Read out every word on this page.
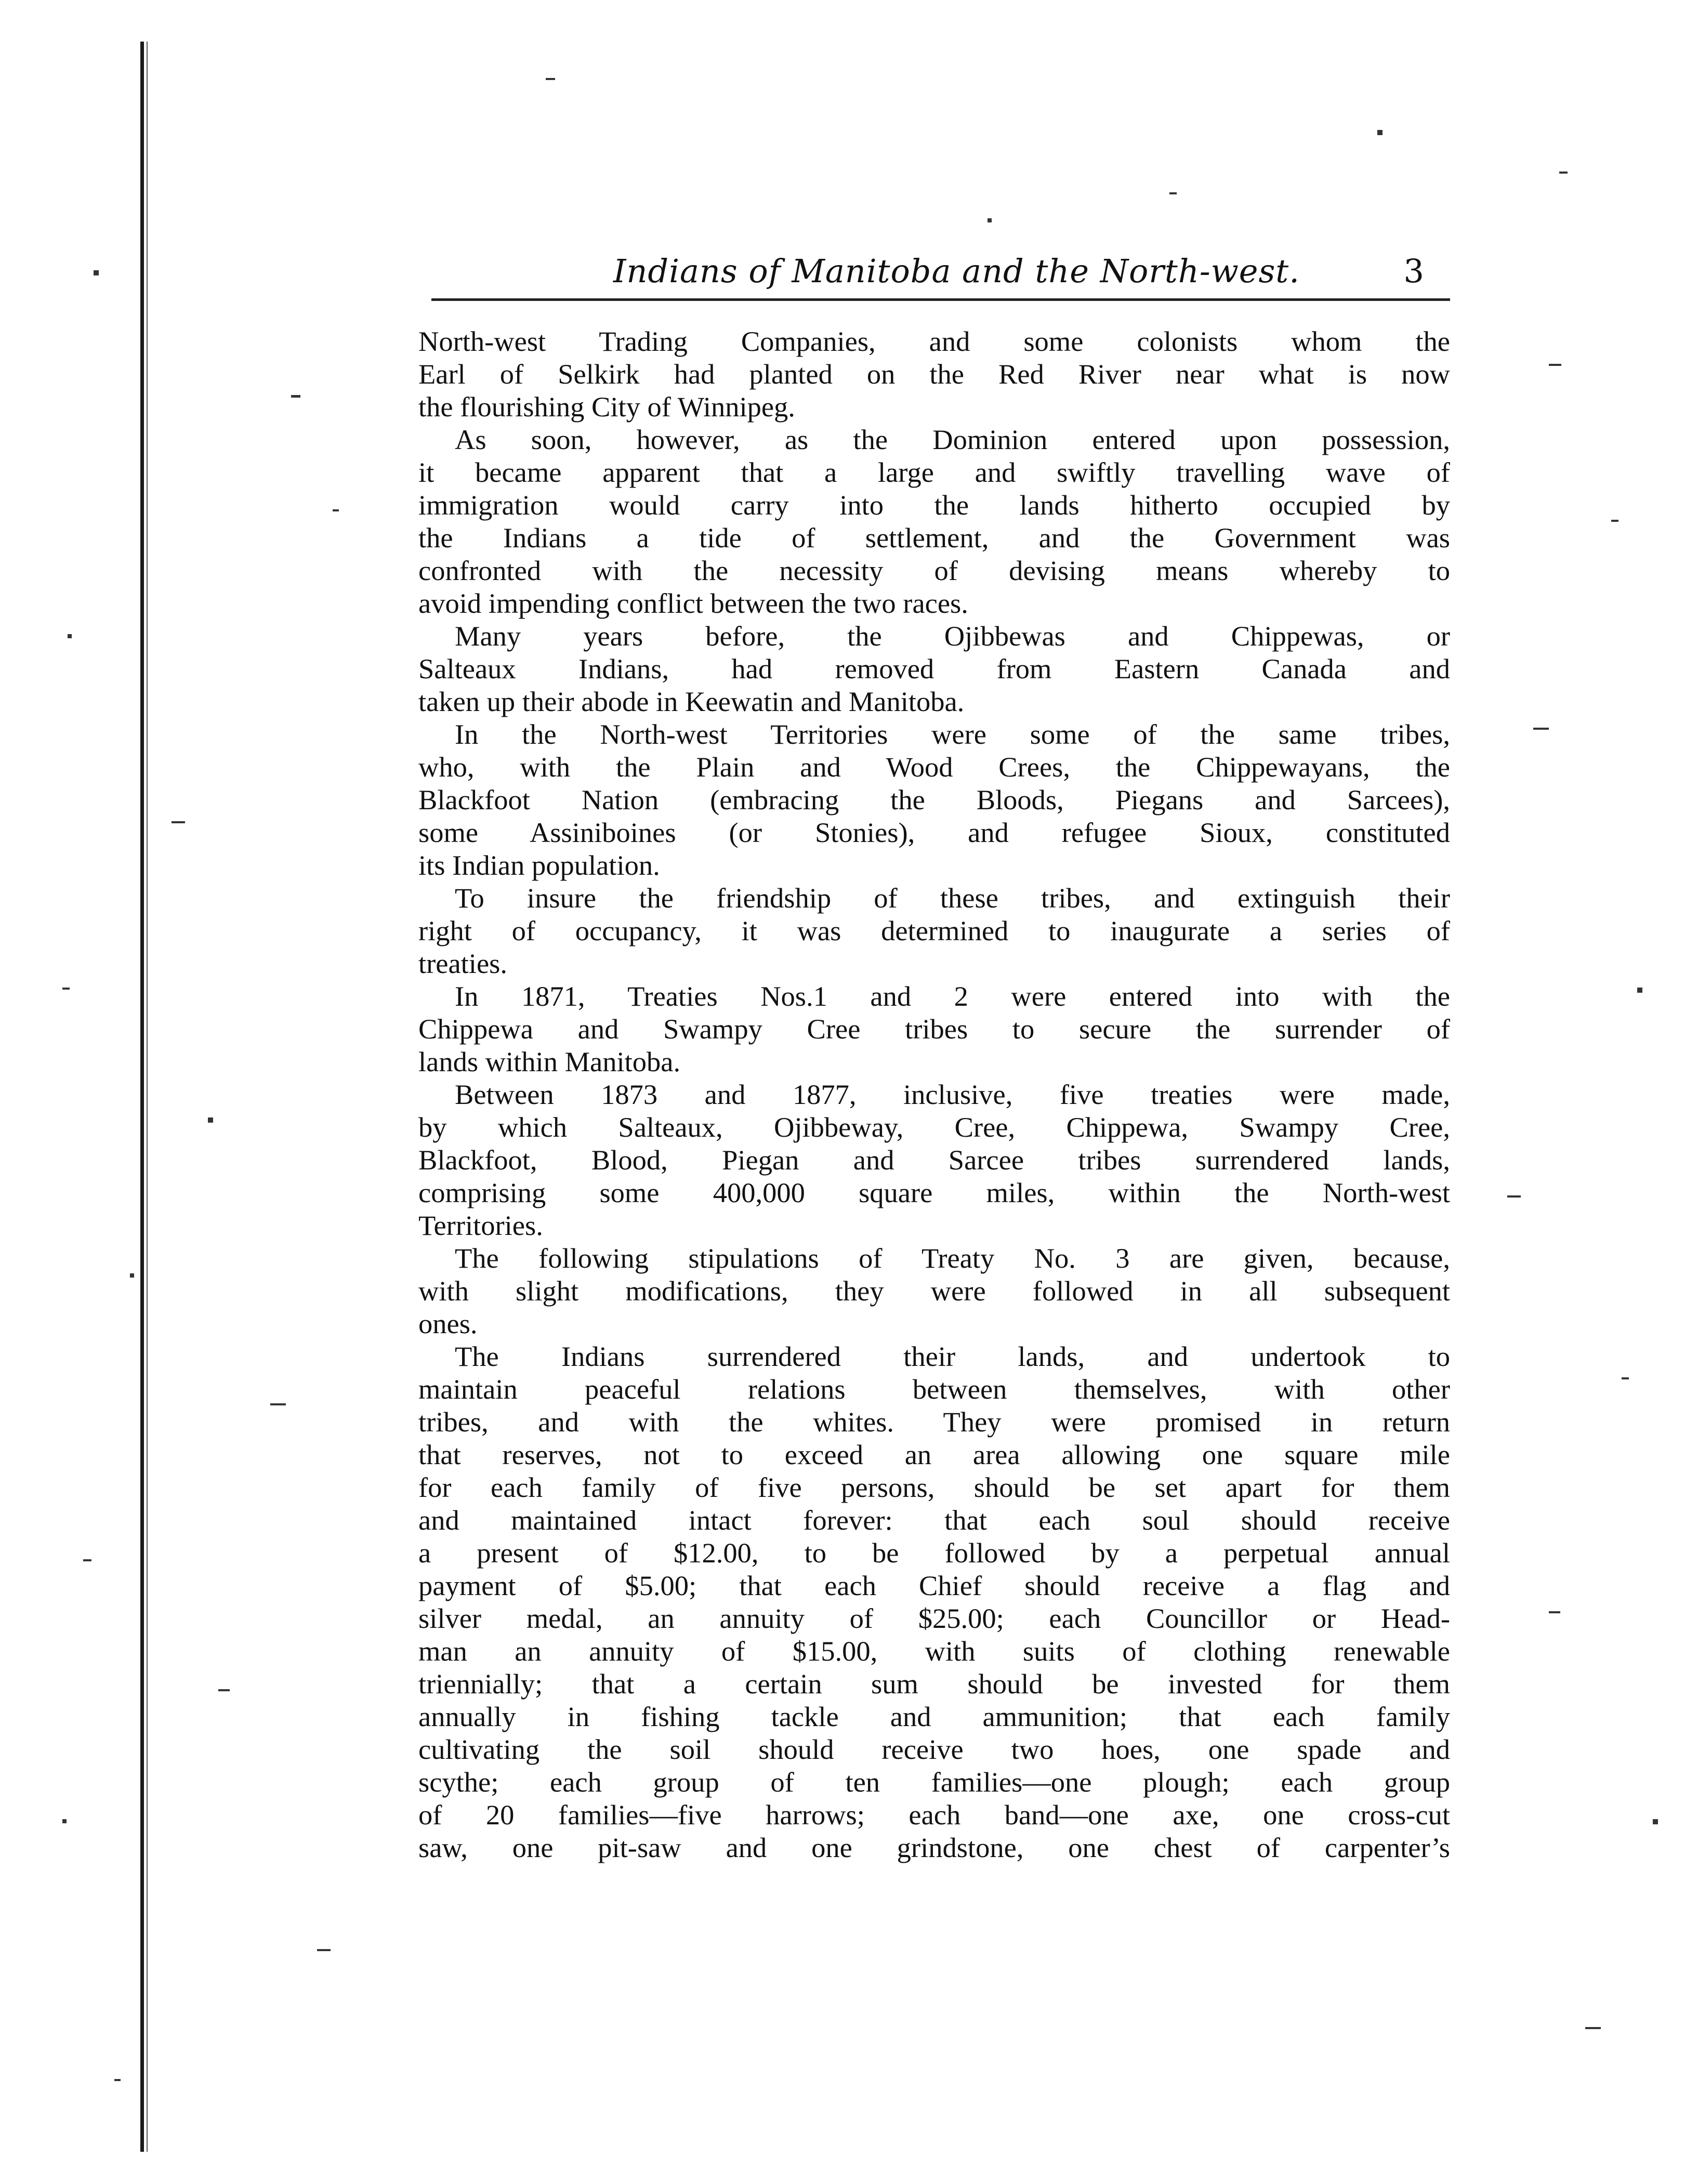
Indians of Manitoba and the North-west.	3
North-west Trading Companies, and some colonists whom the
Earl of Selkirk had planted on the Red River near what is now
the flourishing City of Winnipeg.
As soon, however, as the Dominion entered upon possession,
it became apparent that a large and swiftly travelling wave of
immigration would carry into the lands hitherto occupied by
the Indians a tide of settlement, and the Government was
confronted with the necessity of devising means whereby to
avoid impending conflict between the two races.
Many years before, the Ojibbewas and Chippewas, or
Salteaux Indians, had removed from Eastern Canada and
taken up their abode in Keewatin and Manitoba.
In the North-west Territories were some of the same tribes,
who, with the Plain and Wood Crees, the Chippewayans, the
Blackfoot Nation (embracing the Bloods, Piegans and Sarcees),
some Assiniboines (or Stonies), and refugee Sioux, constituted
its Indian population.
To insure the friendship of these tribes, and extinguish their
right of occupancy, it was determined to inaugurate a series of
treaties.
In 1871, Treaties Nos.1 and 2 were entered into with the
Chippewa and Swampy Cree tribes to secure the surrender of
lands within Manitoba.
Between 1873 and 1877, inclusive, five treaties were made,
by which Salteaux, Ojibbeway, Cree, Chippewa, Swampy Cree,
Blackfoot, Blood, Piegan and Sarcee tribes surrendered lands,
comprising some 400,000 square miles, within the North-west
Territories.
The following stipulations of Treaty No. 3 are given, because,
with slight modifications, they were followed in all subsequent
ones.
The Indians surrendered their lands, and undertook to
maintain peaceful relations between themselves, with other
tribes, and with the whites. They were promised in return
that reserves, not to exceed an area allowing one square mile
for each family of five persons, should be set apart for them
and maintained intact forever: that each soul should receive
a present of $12.00, to be followed by a perpetual annual
payment of $5.00; that each Chief should receive a flag and
silver medal, an annuity of $25.00; each Councillor or Head-
man an annuity of $15.00, with suits of clothing renewable
triennially; that a certain sum should be invested for them
annually in fishing tackle and ammunition; that each family
cultivating the soil should receive two hoes, one spade and
scythe; each group of ten families—one plough; each group
of 20 families—five harrows; each band—one axe, one cross-cut
saw, one pit-saw and one grindstone, one chest of carpenter’s
